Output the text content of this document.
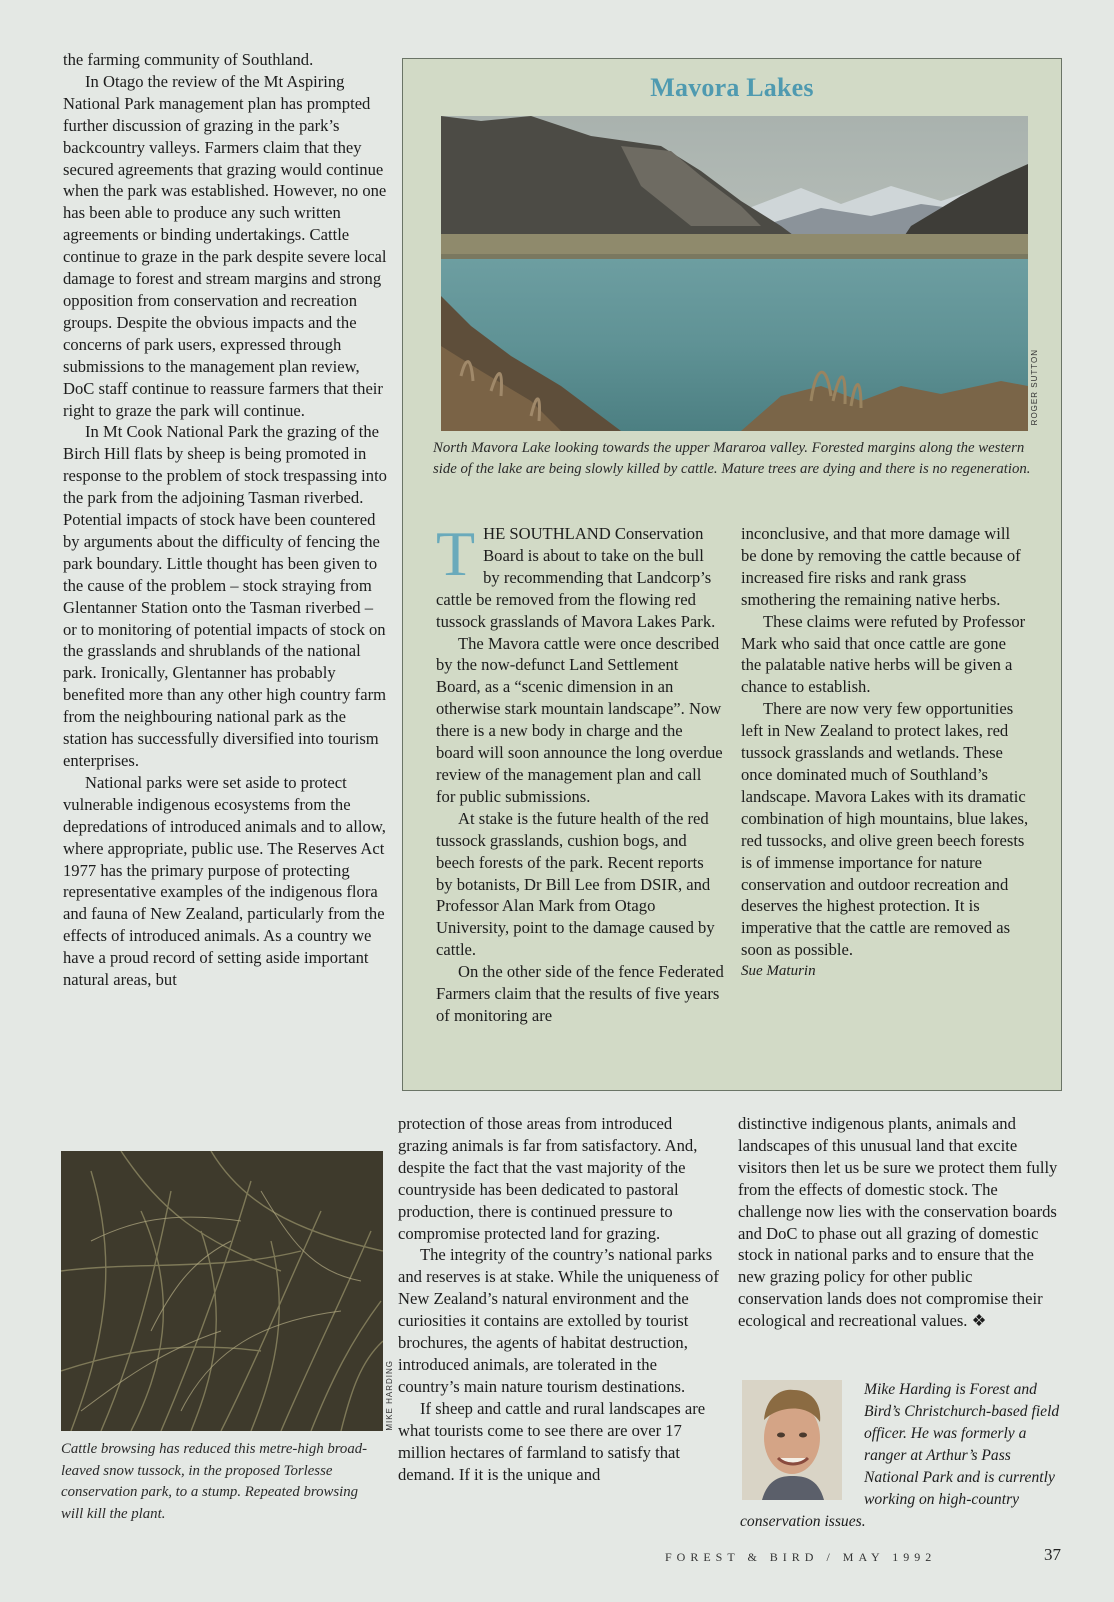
the farming community of Southland.

In Otago the review of the Mt Aspiring National Park management plan has prompted further discussion of grazing in the park’s backcountry valleys. Farmers claim that they secured agreements that grazing would continue when the park was established. However, no one has been able to produce any such written agreements or binding undertakings. Cattle continue to graze in the park despite severe local damage to forest and stream margins and strong opposition from conservation and recreation groups. Despite the obvious impacts and the concerns of park users, expressed through submissions to the management plan review, DoC staff continue to reassure farmers that their right to graze the park will continue.

In Mt Cook National Park the grazing of the Birch Hill flats by sheep is being promoted in response to the problem of stock trespassing into the park from the adjoining Tasman riverbed. Potential impacts of stock have been countered by arguments about the difficulty of fencing the park boundary. Little thought has been given to the cause of the problem – stock straying from Glentanner Station onto the Tasman riverbed – or to monitoring of potential impacts of stock on the grasslands and shrublands of the national park. Ironically, Glentanner has probably benefited more than any other high country farm from the neighbouring national park as the station has successfully diversified into tourism enterprises.

National parks were set aside to protect vulnerable indigenous ecosystems from the depredations of introduced animals and to allow, where appropriate, public use. The Reserves Act 1977 has the primary purpose of protecting representative examples of the indigenous flora and fauna of New Zealand, particularly from the effects of introduced animals. As a country we have a proud record of setting aside important natural areas, but

Mavora Lakes
ROGER SUTTON
North Mavora Lake looking towards the upper Mararoa valley. Forested margins along the western side of the lake are being slowly killed by cattle. Mature trees are dying and there is no regeneration.

THE SOUTHLAND Conservation Board is about to take on the bull by recommending that Landcorp’s cattle be removed from the flowing red tussock grasslands of Mavora Lakes Park.

The Mavora cattle were once described by the now-defunct Land Settlement Board, as a “scenic dimension in an otherwise stark mountain landscape”. Now there is a new body in charge and the board will soon announce the long overdue review of the management plan and call for public submissions.

At stake is the future health of the red tussock grasslands, cushion bogs, and beech forests of the park. Recent reports by botanists, Dr Bill Lee from DSIR, and Professor Alan Mark from Otago University, point to the damage caused by cattle.

On the other side of the fence Federated Farmers claim that the results of five years of monitoring are

inconclusive, and that more damage will be done by removing the cattle because of increased fire risks and rank grass smothering the remaining native herbs.

These claims were refuted by Professor Mark who said that once cattle are gone the palatable native herbs will be given a chance to establish.

There are now very few opportunities left in New Zealand to protect lakes, red tussock grasslands and wetlands. These once dominated much of Southland’s landscape. Mavora Lakes with its dramatic combination of high mountains, blue lakes, red tussocks, and olive green beech forests is of immense importance for nature conservation and outdoor recreation and deserves the highest protection. It is imperative that the cattle are removed as soon as possible.

Sue Maturin

MIKE HARDING
Cattle browsing has reduced this metre-high broad-leaved snow tussock, in the proposed Torlesse conservation park, to a stump. Repeated browsing will kill the plant.

protection of those areas from introduced grazing animals is far from satisfactory. And, despite the fact that the vast majority of the countryside has been dedicated to pastoral production, there is continued pressure to compromise protected land for grazing.

The integrity of the country’s national parks and reserves is at stake. While the uniqueness of New Zealand’s natural environment and the curiosities it contains are extolled by tourist brochures, the agents of habitat destruction, introduced animals, are tolerated in the country’s main nature tourism destinations.

If sheep and cattle and rural landscapes are what tourists come to see there are over 17 million hectares of farmland to satisfy that demand. If it is the unique and

distinctive indigenous plants, animals and landscapes of this unusual land that excite visitors then let us be sure we protect them fully from the effects of domestic stock. The challenge now lies with the conservation boards and DoC to phase out all grazing of domestic stock in national parks and to ensure that the new grazing policy for other public conservation lands does not compromise their ecological and recreational values. ❖

Mike Harding is Forest and Bird’s Christchurch-based field officer. He was formerly a ranger at Arthur’s Pass National Park and is currently working on high-country conservation issues.
FOREST & BIRD / MAY 1992	37
